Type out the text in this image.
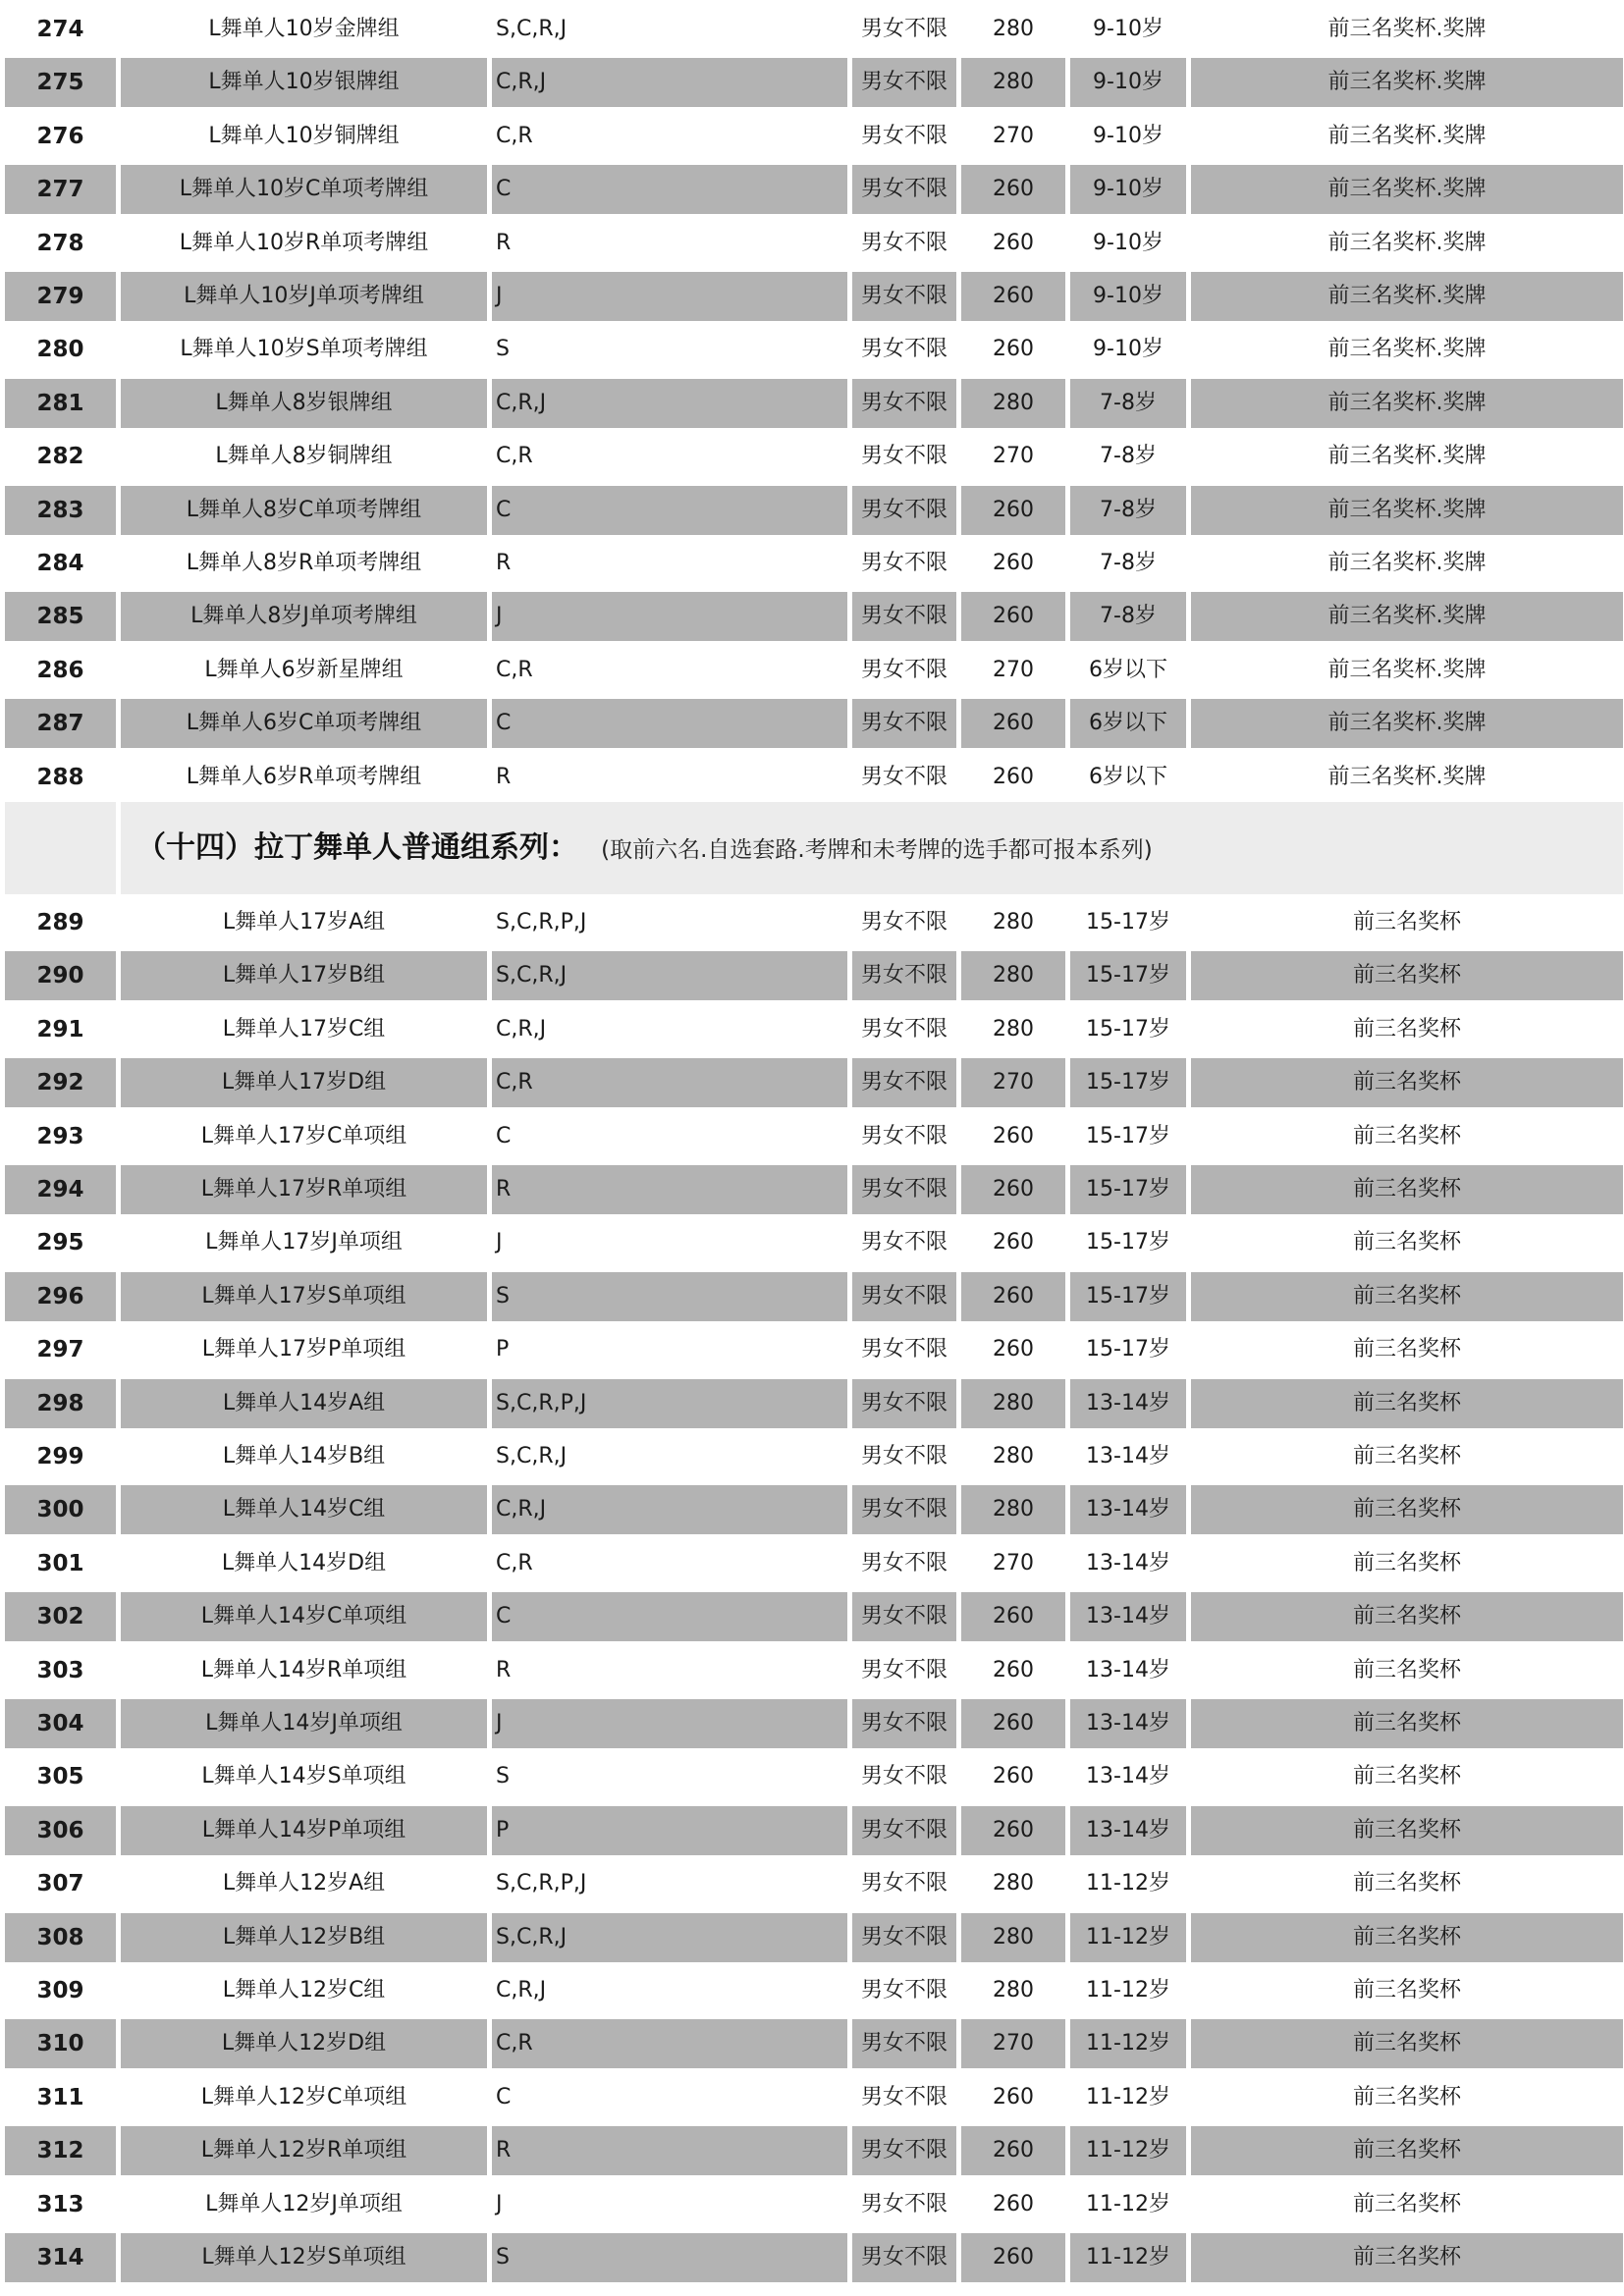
274	L舞单人10岁金牌组	S,C,R,J	男女不限	280	9-10岁	前三名奖杯.奖牌
275	L舞单人10岁银牌组	C,R,J	男女不限	280	9-10岁	前三名奖杯.奖牌
276	L舞单人10岁铜牌组	C,R	男女不限	270	9-10岁	前三名奖杯.奖牌
277	L舞单人10岁C单项考牌组	C	男女不限	260	9-10岁	前三名奖杯.奖牌
278	L舞单人10岁R单项考牌组	R	男女不限	260	9-10岁	前三名奖杯.奖牌
279	L舞单人10岁J单项考牌组	J	男女不限	260	9-10岁	前三名奖杯.奖牌
280	L舞单人10岁S单项考牌组	S	男女不限	260	9-10岁	前三名奖杯.奖牌
281	L舞单人8岁银牌组	C,R,J	男女不限	280	7-8岁	前三名奖杯.奖牌
282	L舞单人8岁铜牌组	C,R	男女不限	270	7-8岁	前三名奖杯.奖牌
283	L舞单人8岁C单项考牌组	C	男女不限	260	7-8岁	前三名奖杯.奖牌
284	L舞单人8岁R单项考牌组	R	男女不限	260	7-8岁	前三名奖杯.奖牌
285	L舞单人8岁J单项考牌组	J	男女不限	260	7-8岁	前三名奖杯.奖牌
286	L舞单人6岁新星牌组	C,R	男女不限	270	6岁以下	前三名奖杯.奖牌
287	L舞单人6岁C单项考牌组	C	男女不限	260	6岁以下	前三名奖杯.奖牌
288	L舞单人6岁R单项考牌组	R	男女不限	260	6岁以下	前三名奖杯.奖牌
（十四）拉丁舞单人普通组系列： (取前六名.自选套路.考牌和未考牌的选手都可报本系列)
289	L舞单人17岁A组	S,C,R,P,J	男女不限	280	15-17岁	前三名奖杯
290	L舞单人17岁B组	S,C,R,J	男女不限	280	15-17岁	前三名奖杯
291	L舞单人17岁C组	C,R,J	男女不限	280	15-17岁	前三名奖杯
292	L舞单人17岁D组	C,R	男女不限	270	15-17岁	前三名奖杯
293	L舞单人17岁C单项组	C	男女不限	260	15-17岁	前三名奖杯
294	L舞单人17岁R单项组	R	男女不限	260	15-17岁	前三名奖杯
295	L舞单人17岁J单项组	J	男女不限	260	15-17岁	前三名奖杯
296	L舞单人17岁S单项组	S	男女不限	260	15-17岁	前三名奖杯
297	L舞单人17岁P单项组	P	男女不限	260	15-17岁	前三名奖杯
298	L舞单人14岁A组	S,C,R,P,J	男女不限	280	13-14岁	前三名奖杯
299	L舞单人14岁B组	S,C,R,J	男女不限	280	13-14岁	前三名奖杯
300	L舞单人14岁C组	C,R,J	男女不限	280	13-14岁	前三名奖杯
301	L舞单人14岁D组	C,R	男女不限	270	13-14岁	前三名奖杯
302	L舞单人14岁C单项组	C	男女不限	260	13-14岁	前三名奖杯
303	L舞单人14岁R单项组	R	男女不限	260	13-14岁	前三名奖杯
304	L舞单人14岁J单项组	J	男女不限	260	13-14岁	前三名奖杯
305	L舞单人14岁S单项组	S	男女不限	260	13-14岁	前三名奖杯
306	L舞单人14岁P单项组	P	男女不限	260	13-14岁	前三名奖杯
307	L舞单人12岁A组	S,C,R,P,J	男女不限	280	11-12岁	前三名奖杯
308	L舞单人12岁B组	S,C,R,J	男女不限	280	11-12岁	前三名奖杯
309	L舞单人12岁C组	C,R,J	男女不限	280	11-12岁	前三名奖杯
310	L舞单人12岁D组	C,R	男女不限	270	11-12岁	前三名奖杯
311	L舞单人12岁C单项组	C	男女不限	260	11-12岁	前三名奖杯
312	L舞单人12岁R单项组	R	男女不限	260	11-12岁	前三名奖杯
313	L舞单人12岁J单项组	J	男女不限	260	11-12岁	前三名奖杯
314	L舞单人12岁S单项组	S	男女不限	260	11-12岁	前三名奖杯
